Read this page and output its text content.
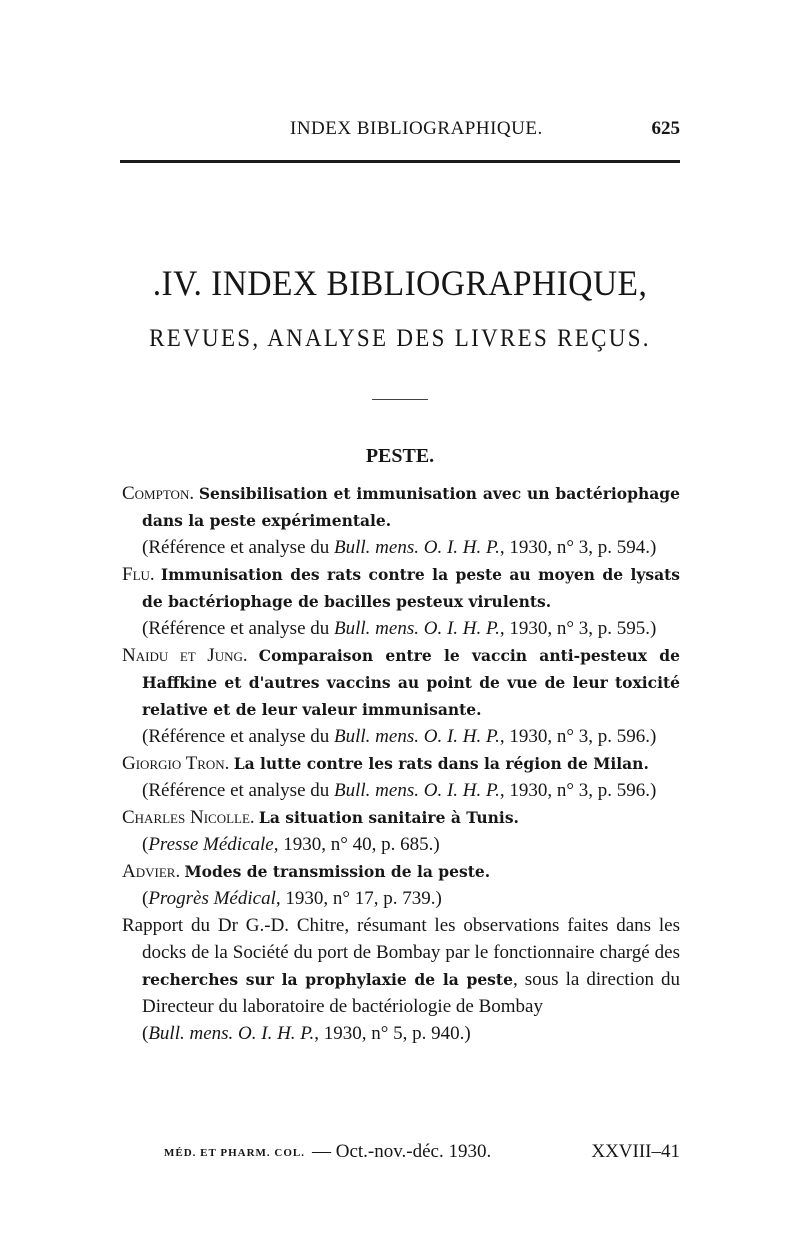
INDEX BIBLIOGRAPHIQUE.	625
.IV. INDEX BIBLIOGRAPHIQUE,
REVUES, ANALYSE DES LIVRES REÇUS.
PESTE.
Compton. Sensibilisation et immunisation avec un bactériophage dans la peste expérimentale.
(Référence et analyse du Bull. mens. O. I. H. P., 1930, n° 3, p. 594.)
Flu. Immunisation des rats contre la peste au moyen de lysats de bactériophage de bacilles pesteux virulents.
(Référence et analyse du Bull. mens. O. I. H. P., 1930, n° 3, p. 595.)
Naidu et Jung. Comparaison entre le vaccin anti-pesteux de Haffkine et d'autres vaccins au point de vue de leur toxicité relative et de leur valeur immunisante.
(Référence et analyse du Bull. mens. O. I. H. P., 1930, n° 3, p. 596.)
Giorgio Tron. La lutte contre les rats dans la région de Milan.
(Référence et analyse du Bull. mens. O. I. H. P., 1930, n° 3, p. 596.)
Charles Nicolle. La situation sanitaire à Tunis.
(Presse Médicale, 1930, n° 40, p. 685.)
Advier. Modes de transmission de la peste.
(Progrès Médical, 1930, n° 17, p. 739.)
Rapport du Dr G.-D. Chitre, résumant les observations faites dans les docks de la Société du port de Bombay par le fonctionnaire chargé des recherches sur la prophylaxie de la peste, sous la direction du Directeur du laboratoire de bactériologie de Bombay
(Bull. mens. O. I. H. P., 1930, n° 5, p. 940.)
MÉD. ET PHARM. COL. — Oct.-nov.-déc. 1930.	XXVIII–41
